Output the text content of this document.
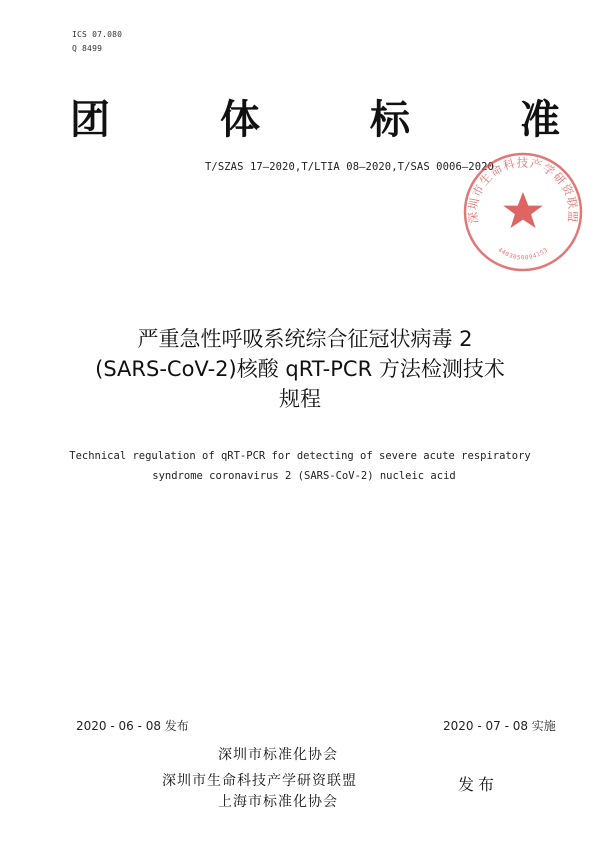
ICS 07.080
Q 8499
团	体	标	准
T/SZAS 17—2020,T/LTIA 08—2020,T/SAS 0006—2020
深圳市生命科技产学研资联盟
4403050094153
严重急性呼吸系统综合征冠状病毒 2
(SARS-CoV-2)核酸 qRT-PCR 方法检测技术
规程
Technical regulation of qRT-PCR for detecting of severe acute respiratory
syndrome coronavirus 2 (SARS-CoV-2) nucleic acid
2020 - 06 - 08 发布	2020 - 07 - 08 实施
深圳市标准化协会
深圳市生命科技产学研资联盟
上海市标准化协会
发布
